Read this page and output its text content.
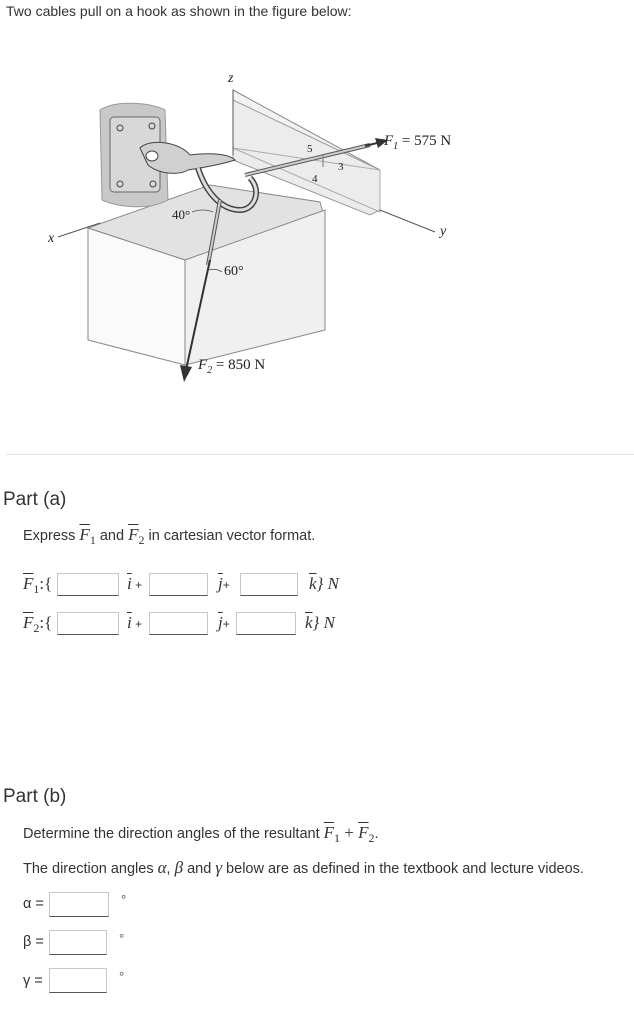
Two cables pull on a hook as shown in the figure below:
z
x	y
5
4
3
40°
60°
$F_1 = 575$ N
$F_2 = 850$ N
Part (a)
Express $\overline{F}_1$ and $\overline{F}_2$ in cartesian vector format.
$\overline{F}_1$:{	$\overline{i}$ +	$\overline{j}+$	$\overline{k}$} N
$\overline{F}_2$:{	$\overline{i}$ +	$\overline{j}+$	$\overline{k}$} N
Part (b)
Determine the direction angles of the resultant $\overline{F}_1 + \overline{F}_2$.
The direction angles α, β and γ below are as defined in the textbook and lecture videos.
α =	°
β =	°
γ =	°
